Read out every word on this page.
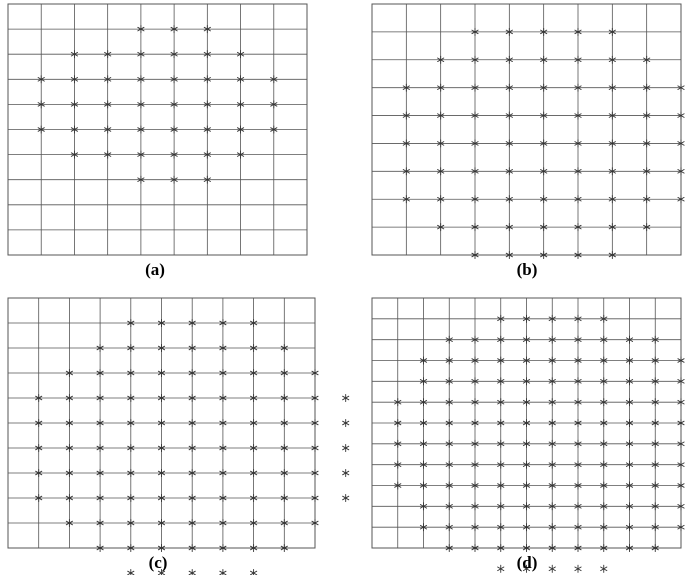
(a)	(b)
(c)	(d)
